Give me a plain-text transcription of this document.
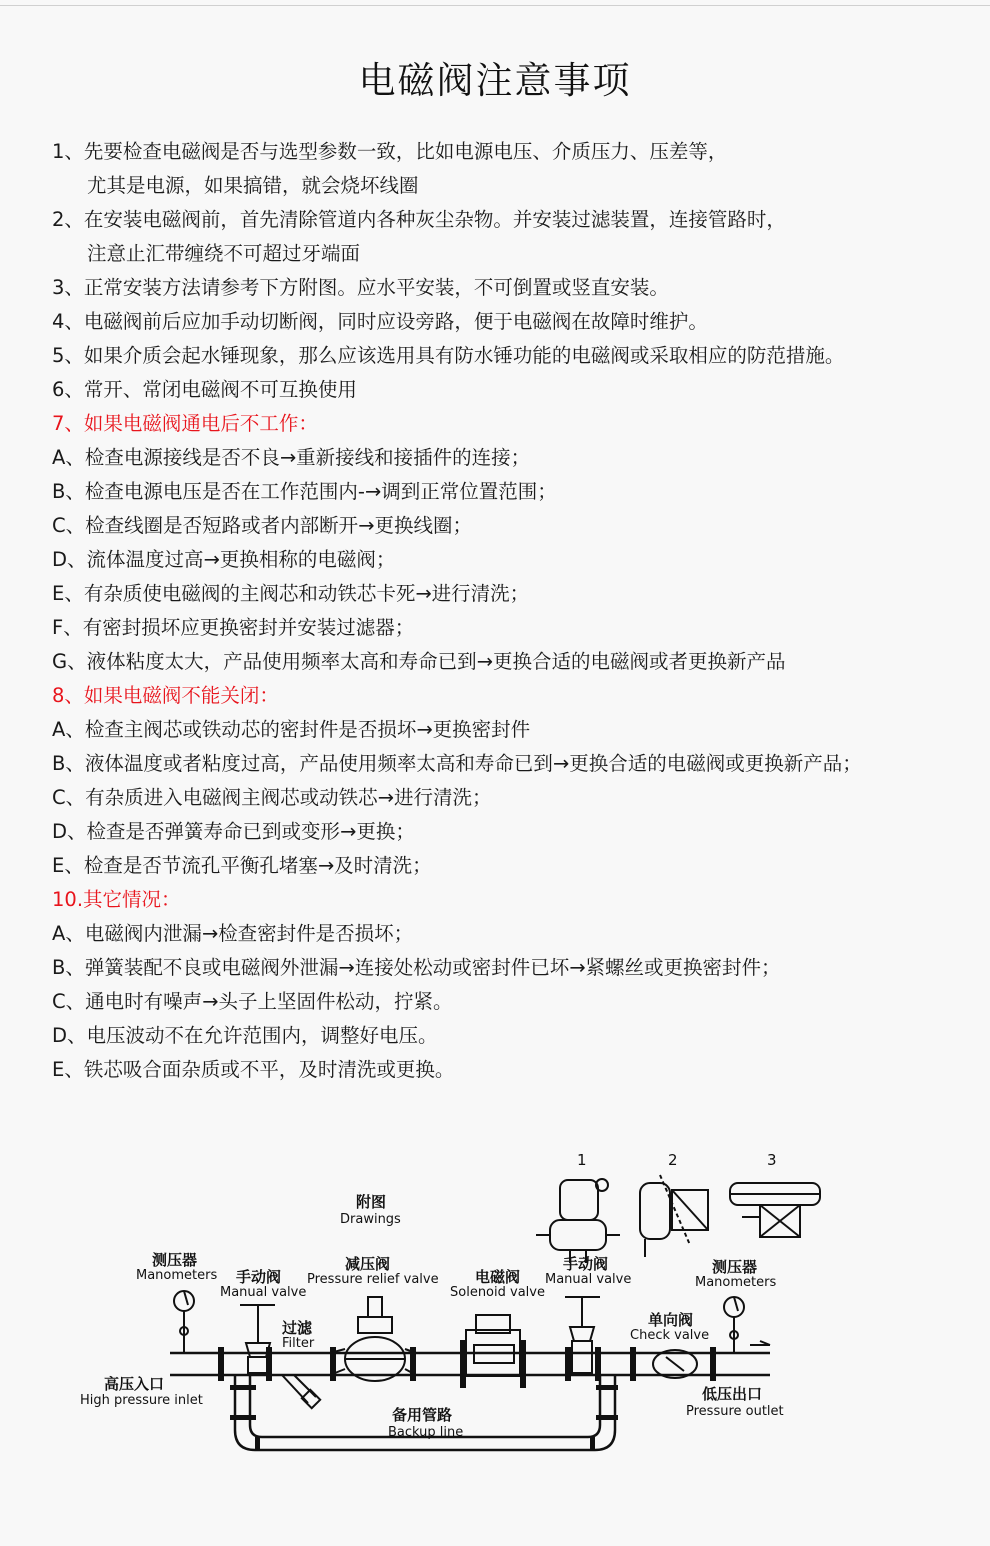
电磁阀注意事项
1、先要检查电磁阀是否与选型参数一致，比如电源电压、介质压力、压差等，
尤其是电源，如果搞错，就会烧坏线圈
2、在安装电磁阀前，首先清除管道内各种灰尘杂物。并安装过滤装置，连接管路时，
注意止汇带缠绕不可超过牙端面
3、正常安装方法请参考下方附图。应水平安装，不可倒置或竖直安装。
4、电磁阀前后应加手动切断阀，同时应设旁路，便于电磁阀在故障时维护。
5、如果介质会起水锤现象，那么应该选用具有防水锤功能的电磁阀或采取相应的防范措施。
6、常开、常闭电磁阀不可互换使用
7、如果电磁阀通电后不工作：
A、检查电源接线是否不良→重新接线和接插件的连接；
B、检查电源电压是否在工作范围内-→调到正常位置范围；
C、检查线圈是否短路或者内部断开→更换线圈；
D、流体温度过高→更换相称的电磁阀；
E、有杂质使电磁阀的主阀芯和动铁芯卡死→进行清洗；
F、有密封损坏应更换密封并安装过滤器；
G、液体粘度太大，产品使用频率太高和寿命已到→更换合适的电磁阀或者更换新产品
8、如果电磁阀不能关闭：
A、检查主阀芯或铁动芯的密封件是否损坏→更换密封件
B、液体温度或者粘度过高，产品使用频率太高和寿命已到→更换合适的电磁阀或更换新产品；
C、有杂质进入电磁阀主阀芯或动铁芯→进行清洗；
D、检查是否弹簧寿命已到或变形→更换；
E、检查是否节流孔平衡孔堵塞→及时清洗；
10.其它情况：
A、电磁阀内泄漏→检查密封件是否损坏；
B、弹簧装配不良或电磁阀外泄漏→连接处松动或密封件已坏→紧螺丝或更换密封件；
C、通电时有噪声→头子上坚固件松动，拧紧。
D、电压波动不在允许范围内，调整好电压。
E、铁芯吸合面杂质或不平，及时清洗或更换。
1	2	3
附图
Drawings
测压器
Manometers 手动阀
Manual valve
减压阀
Pressure relief valve 电磁阀
Solenoid valve
手动阀
Manual valve
测压器
Manometers
过滤
Filter
单向阀
Check valve
高压入口
High pressure inlet	低压出口
Pressure outlet
备用管路
Backup line
